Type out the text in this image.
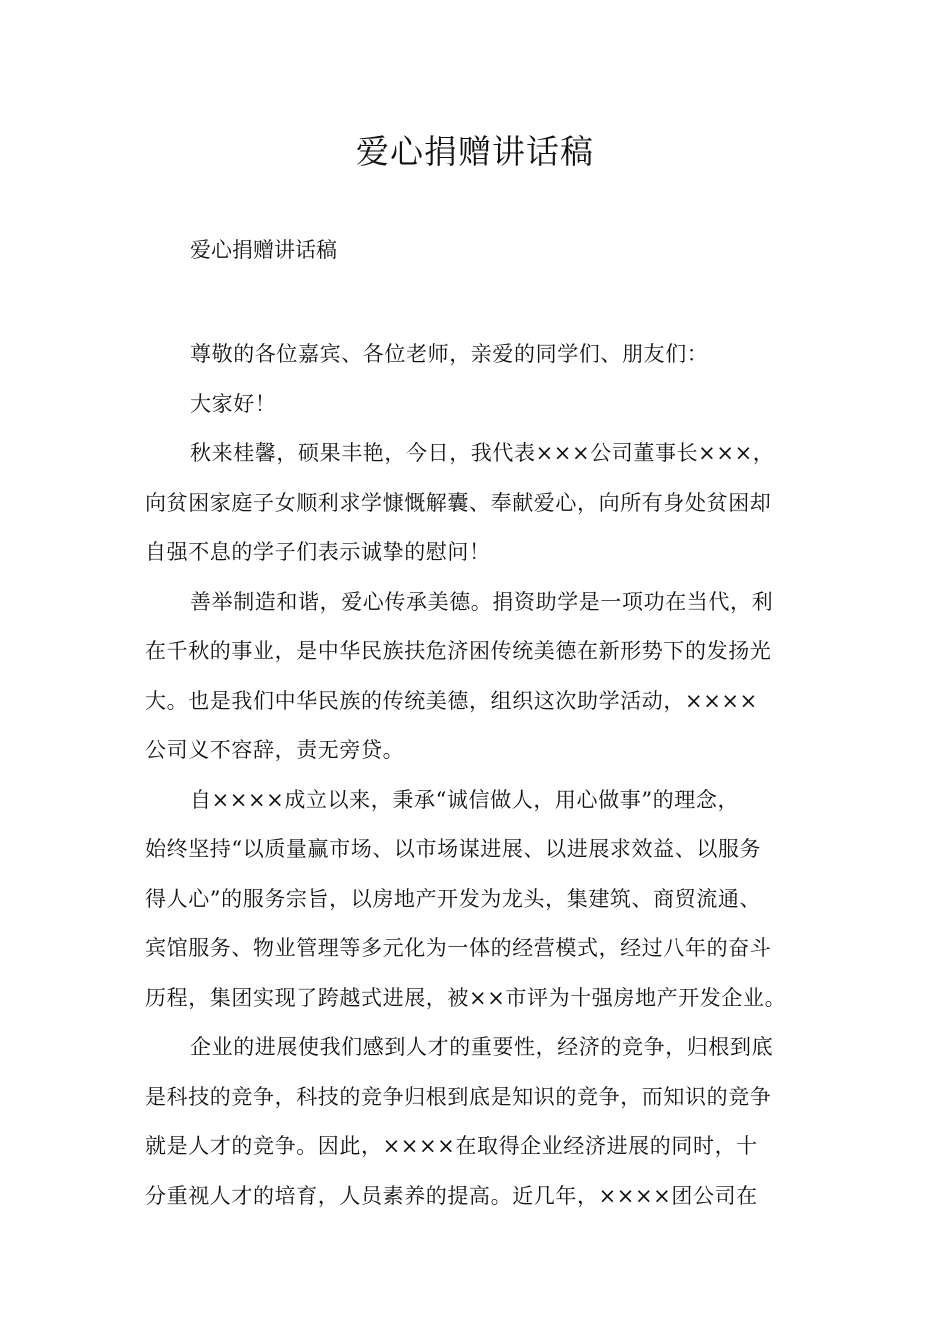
爱心捐赠讲话稿
爱心捐赠讲话稿
尊敬的各位嘉宾、各位老师，亲爱的同学们、朋友们：
大家好！
秋来桂馨，硕果丰艳，今日，我代表×××公司董事长×××，
向贫困家庭子女顺利求学慷慨解囊、奉献爱心，向所有身处贫困却
自强不息的学子们表示诚挚的慰问！
善举制造和谐，爱心传承美德。捐资助学是一项功在当代，利
在千秋的事业，是中华民族扶危济困传统美德在新形势下的发扬光
大。也是我们中华民族的传统美德，组织这次助学活动，××××
公司义不容辞，责无旁贷。
自××××成立以来，秉承“诚信做人，用心做事”的理念，
始终坚持“以质量赢市场、以市场谋进展、以进展求效益、以服务
得人心”的服务宗旨，以房地产开发为龙头，集建筑、商贸流通、
宾馆服务、物业管理等多元化为一体的经营模式，经过八年的奋斗
历程，集团实现了跨越式进展，被××市评为十强房地产开发企业。
企业的进展使我们感到人才的重要性，经济的竞争，归根到底
是科技的竞争，科技的竞争归根到底是知识的竞争，而知识的竞争
就是人才的竞争。因此，××××在取得企业经济进展的同时，十
分重视人才的培育，人员素养的提高。近几年，××××团公司在
